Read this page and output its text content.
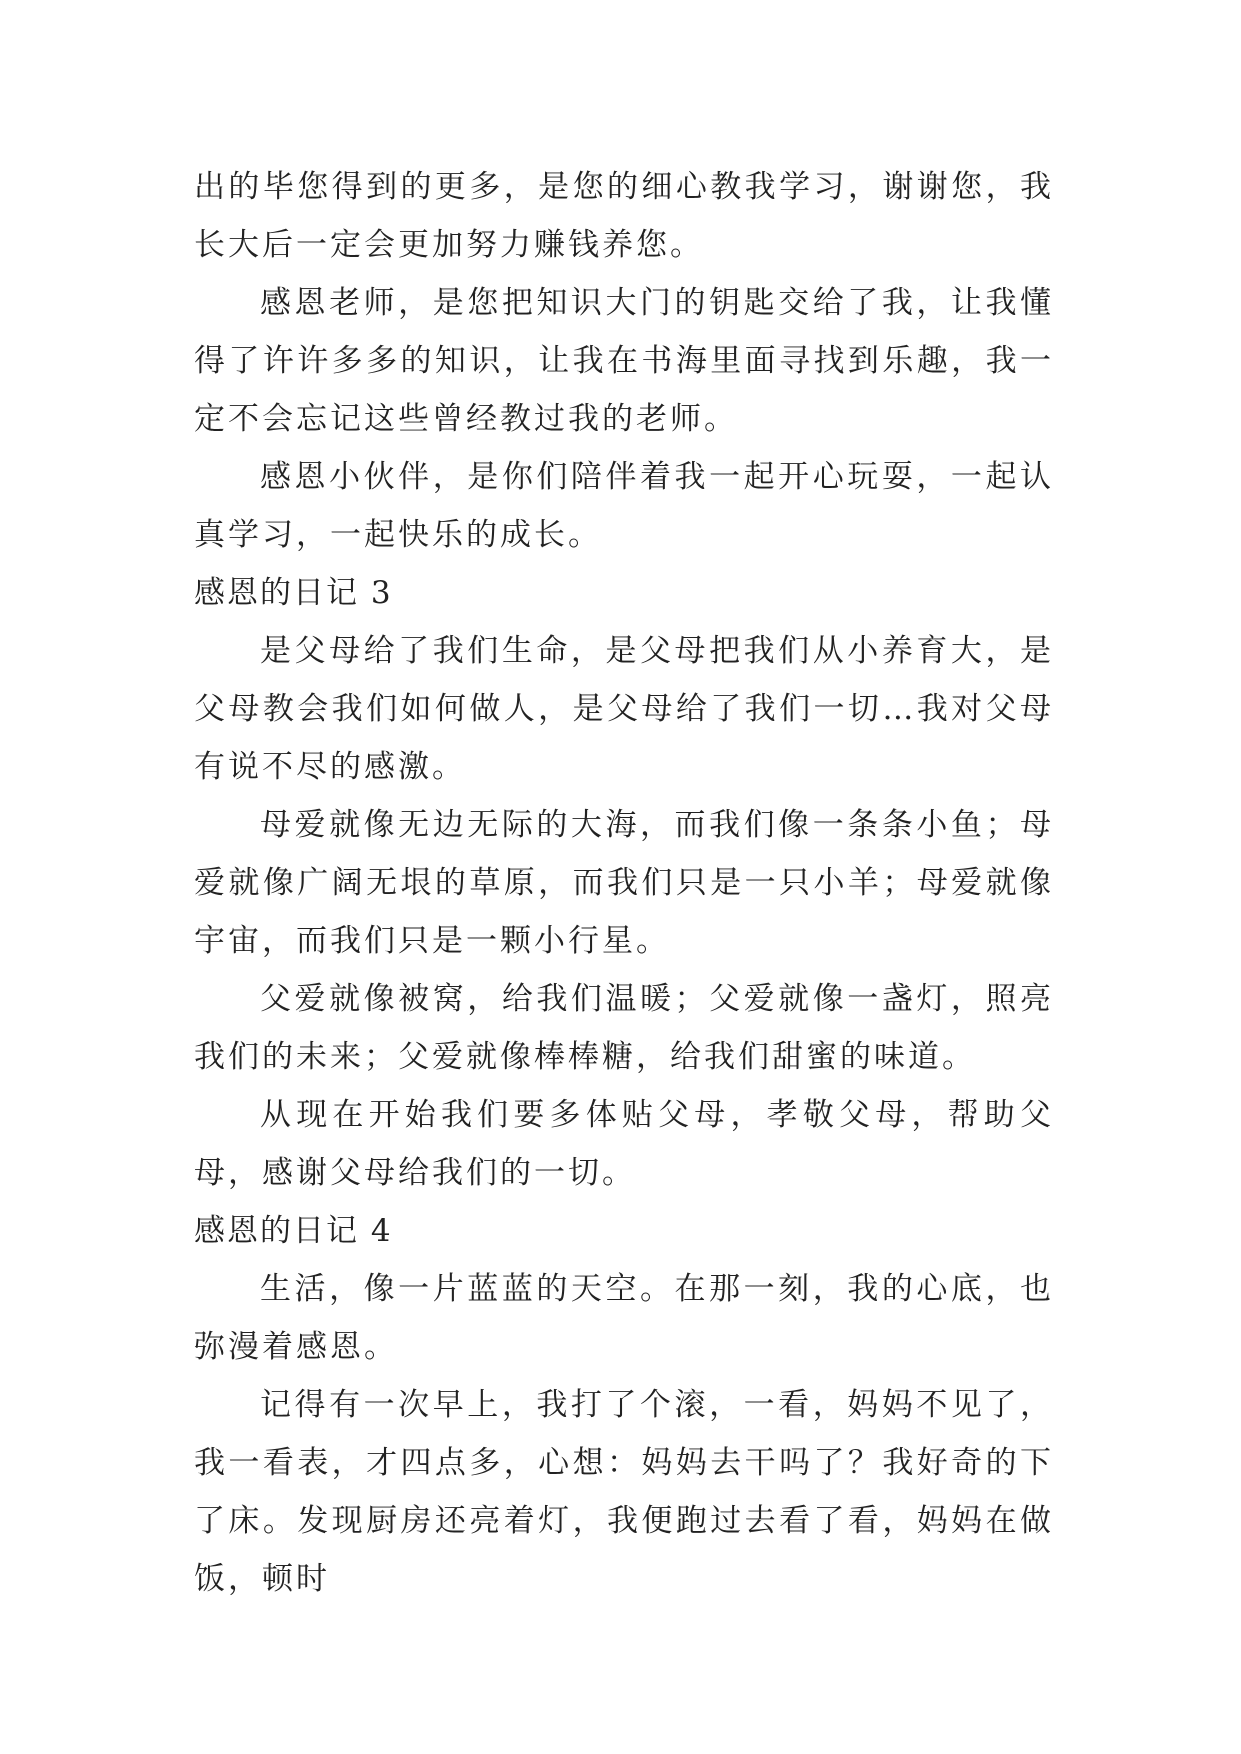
出的毕您得到的更多，是您的细心教我学习，谢谢您，我长大后一定会更加努力赚钱养您。

感恩老师，是您把知识大门的钥匙交给了我，让我懂得了许许多多的知识，让我在书海里面寻找到乐趣，我一定不会忘记这些曾经教过我的老师。

感恩小伙伴，是你们陪伴着我一起开心玩耍，一起认真学习，一起快乐的成长。

感恩的日记 3

是父母给了我们生命，是父母把我们从小养育大，是父母教会我们如何做人，是父母给了我们一切…我对父母有说不尽的感激。

母爱就像无边无际的大海，而我们像一条条小鱼；母爱就像广阔无垠的草原，而我们只是一只小羊；母爱就像宇宙，而我们只是一颗小行星。

父爱就像被窝，给我们温暖；父爱就像一盏灯，照亮我们的未来；父爱就像棒棒糖，给我们甜蜜的味道。

从现在开始我们要多体贴父母，孝敬父母，帮助父母，感谢父母给我们的一切。

感恩的日记 4

生活，像一片蓝蓝的天空。在那一刻，我的心底，也弥漫着感恩。

记得有一次早上，我打了个滚，一看，妈妈不见了，我一看表，才四点多，心想：妈妈去干吗了？我好奇的下了床。发现厨房还亮着灯，我便跑过去看了看，妈妈在做饭，顿时
